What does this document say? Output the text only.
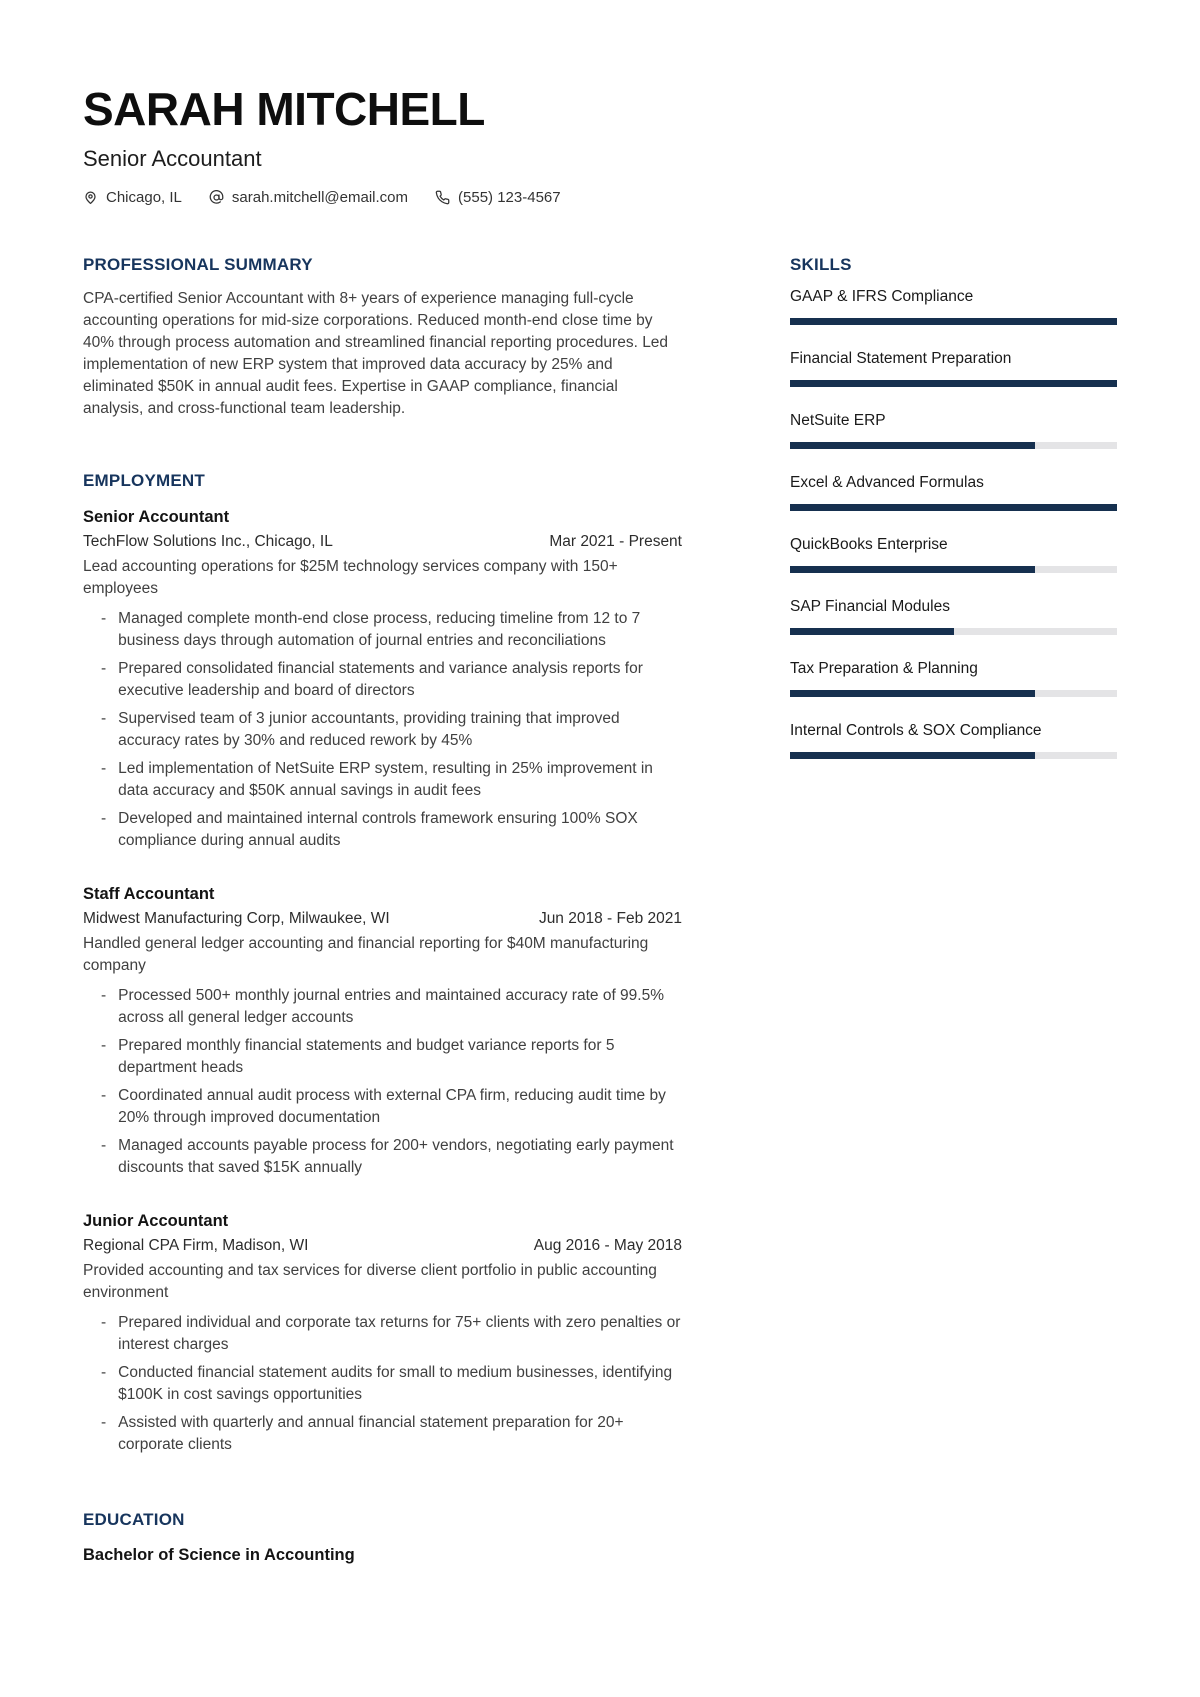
SARAH MITCHELL
Senior Accountant
Chicago, IL	sarah.mitchell@email.com	(555) 123-4567
PROFESSIONAL SUMMARY

CPA-certified Senior Accountant with 8+ years of experience managing full-cycle accounting operations for mid-size corporations. Reduced month-end close time by 40% through process automation and streamlined financial reporting procedures. Led implementation of new ERP system that improved data accuracy by 25% and eliminated $50K in annual audit fees. Expertise in GAAP compliance, financial analysis, and cross-functional team leadership.

EMPLOYMENT
Senior Accountant
TechFlow Solutions Inc., Chicago, IL	Mar 2021 - Present
Lead accounting operations for $25M technology services company with 150+ employees
-
Managed complete month-end close process, reducing timeline from 12 to 7 business days through automation of journal entries and reconciliations
-
Prepared consolidated financial statements and variance analysis reports for executive leadership and board of directors
-
Supervised team of 3 junior accountants, providing training that improved accuracy rates by 30% and reduced rework by 45%
-
Led implementation of NetSuite ERP system, resulting in 25% improvement in data accuracy and $50K annual savings in audit fees
-
Developed and maintained internal controls framework ensuring 100% SOX compliance during annual audits
Staff Accountant
Midwest Manufacturing Corp, Milwaukee, WI	Jun 2018 - Feb 2021
Handled general ledger accounting and financial reporting for $40M manufacturing company
-
Processed 500+ monthly journal entries and maintained accuracy rate of 99.5% across all general ledger accounts
-
Prepared monthly financial statements and budget variance reports for 5 department heads
-
Coordinated annual audit process with external CPA firm, reducing audit time by 20% through improved documentation
-
Managed accounts payable process for 200+ vendors, negotiating early payment discounts that saved $15K annually
Junior Accountant
Regional CPA Firm, Madison, WI	Aug 2016 - May 2018
Provided accounting and tax services for diverse client portfolio in public accounting environment
-
Prepared individual and corporate tax returns for 75+ clients with zero penalties or interest charges
-
Conducted financial statement audits for small to medium businesses, identifying $100K in cost savings opportunities
-
Assisted with quarterly and annual financial statement preparation for 20+ corporate clients
EDUCATION
Bachelor of Science in Accounting
SKILLS
GAAP & IFRS Compliance
Financial Statement Preparation
NetSuite ERP
Excel & Advanced Formulas
QuickBooks Enterprise
SAP Financial Modules
Tax Preparation & Planning
Internal Controls & SOX Compliance
